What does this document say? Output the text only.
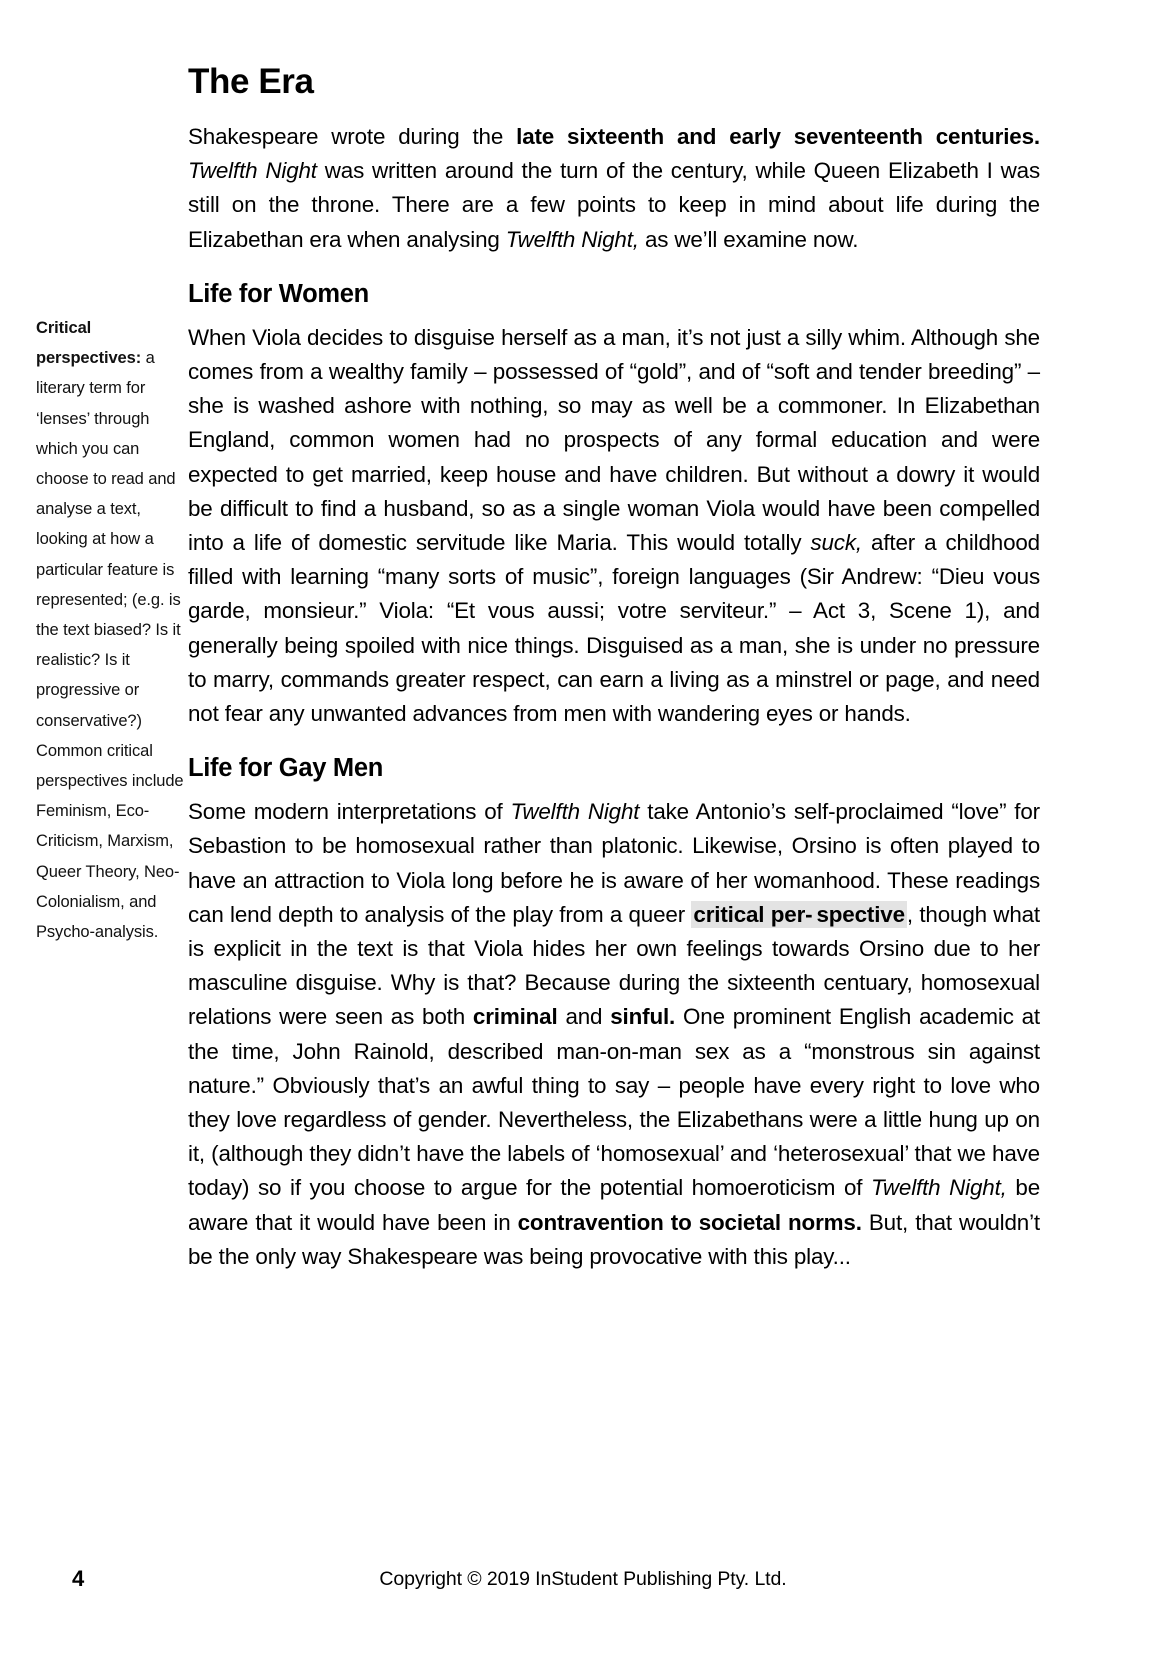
Critical perspectives: a literary term for ‘lenses’ through which you can choose to read and analyse a text, looking at how a particular feature is represented; (e.g. is the text biased? Is it realistic? Is it progressive or conservative?) Common critical perspectives include Feminism, Eco-Criticism, Marxism, Queer Theory, Neo-Colonialism, and Psycho-analysis.
The Era

Shakespeare wrote during the late sixteenth and early seventeenth centuries. Twelfth Night was written around the turn of the century, while Queen Elizabeth I was still on the throne. There are a few points to keep in mind about life during the Elizabethan era when analysing Twelfth Night, as we’ll examine now.

Life for Women

When Viola decides to disguise herself as a man, it’s not just a silly whim. Although she comes from a wealthy family – possessed of “gold”, and of “soft and tender breeding” – she is washed ashore with nothing, so may as well be a commoner. In Elizabethan England, common women had no prospects of any formal education and were expected to get married, keep house and have children. But without a dowry it would be difficult to find a husband, so as a single woman Viola would have been compelled into a life of domestic servitude like Maria. This would totally suck, after a childhood filled with learning “many sorts of music”, foreign languages (Sir Andrew: “Dieu vous garde, monsieur.” Viola: “Et vous aussi; votre serviteur.” – Act 3, Scene 1), and generally being spoiled with nice things. Disguised as a man, she is under no pressure to marry, commands greater respect, can earn a living as a minstrel or page, and need not fear any unwanted advances from men with wandering eyes or hands.

Life for Gay Men

Some modern interpretations of Twelfth Night take Antonio’s self-proclaimed “love” for Sebastion to be homosexual rather than platonic. Likewise, Orsino is often played to have an attraction to Viola long before he is aware of her womanhood. These readings can lend depth to analysis of the play from a queer critical per- spective, though what is explicit in the text is that Viola hides her own feelings towards Orsino due to her masculine disguise. Why is that? Because during the sixteenth centuary, homosexual relations were seen as both criminal and sinful. One prominent English academic at the time, John Rainold, described man-on-man sex as a “monstrous sin against nature.” Obviously that’s an awful thing to say – people have every right to love who they love regardless of gender. Nevertheless, the Elizabethans were a little hung up on it, (although they didn’t have the labels of ‘homosexual’ and ‘heterosexual’ that we have today) so if you choose to argue for the potential homoeroticism of Twelfth Night, be aware that it would have been in contravention to societal norms. But, that wouldn’t be the only way Shakespeare was being provocative with this play...

4	Copyright © 2019 InStudent Publishing Pty. Ltd.
